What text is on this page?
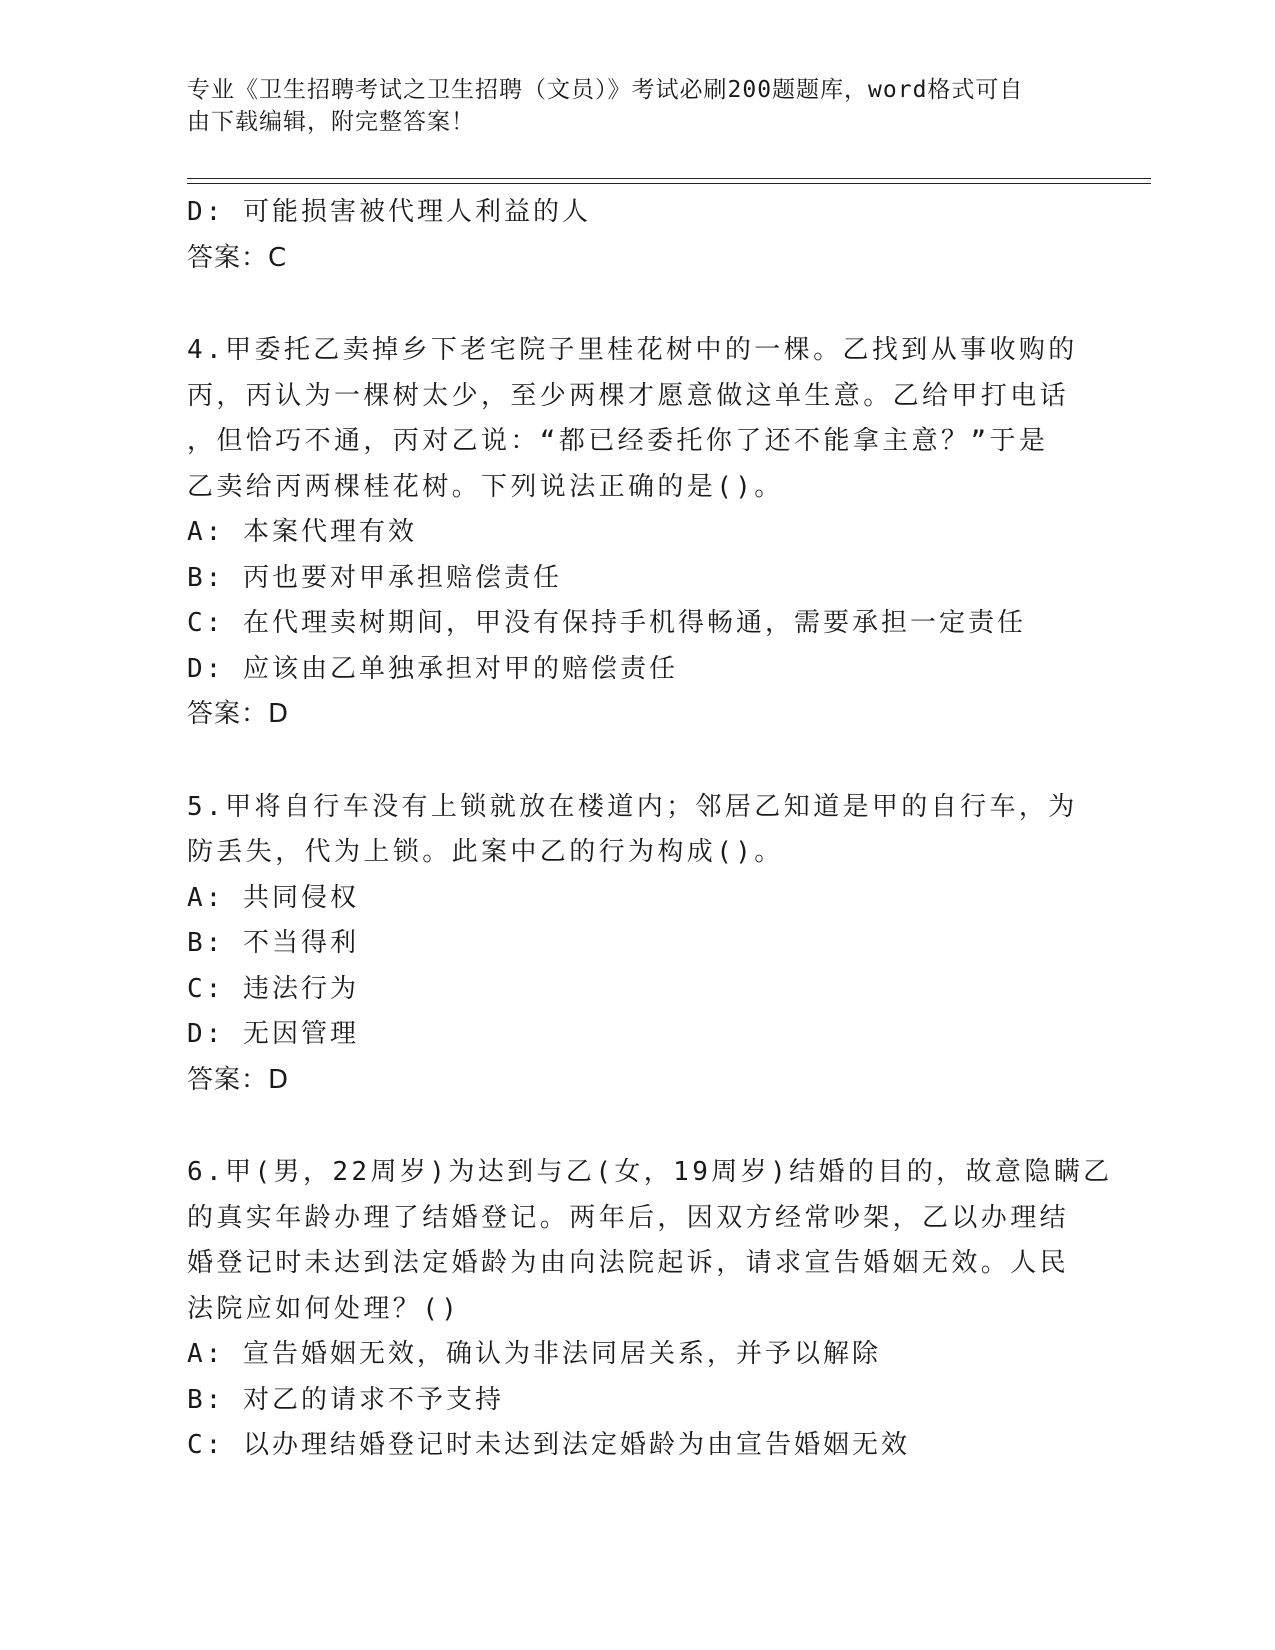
专业《卫生招聘考试之卫生招聘（文员）》考试必刷200题题库，word格式可自
由下载编辑，附完整答案！
D: 可能损害被代理人利益的人
答案：C
4.甲委托乙卖掉乡下老宅院子里桂花树中的一棵。乙找到从事收购的
丙，丙认为一棵树太少，至少两棵才愿意做这单生意。乙给甲打电话
，但恰巧不通，丙对乙说：“都已经委托你了还不能拿主意？”于是
乙卖给丙两棵桂花树。下列说法正确的是()。
A: 本案代理有效
B: 丙也要对甲承担赔偿责任
C: 在代理卖树期间，甲没有保持手机得畅通，需要承担一定责任
D: 应该由乙单独承担对甲的赔偿责任
答案：D
5.甲将自行车没有上锁就放在楼道内；邻居乙知道是甲的自行车，为
防丢失，代为上锁。此案中乙的行为构成()。
A: 共同侵权
B: 不当得利
C: 违法行为
D: 无因管理
答案：D
6.甲(男，22周岁)为达到与乙(女，19周岁)结婚的目的，故意隐瞒乙
的真实年龄办理了结婚登记。两年后，因双方经常吵架，乙以办理结
婚登记时未达到法定婚龄为由向法院起诉，请求宣告婚姻无效。人民
法院应如何处理？()
A: 宣告婚姻无效，确认为非法同居关系，并予以解除
B: 对乙的请求不予支持
C: 以办理结婚登记时未达到法定婚龄为由宣告婚姻无效
